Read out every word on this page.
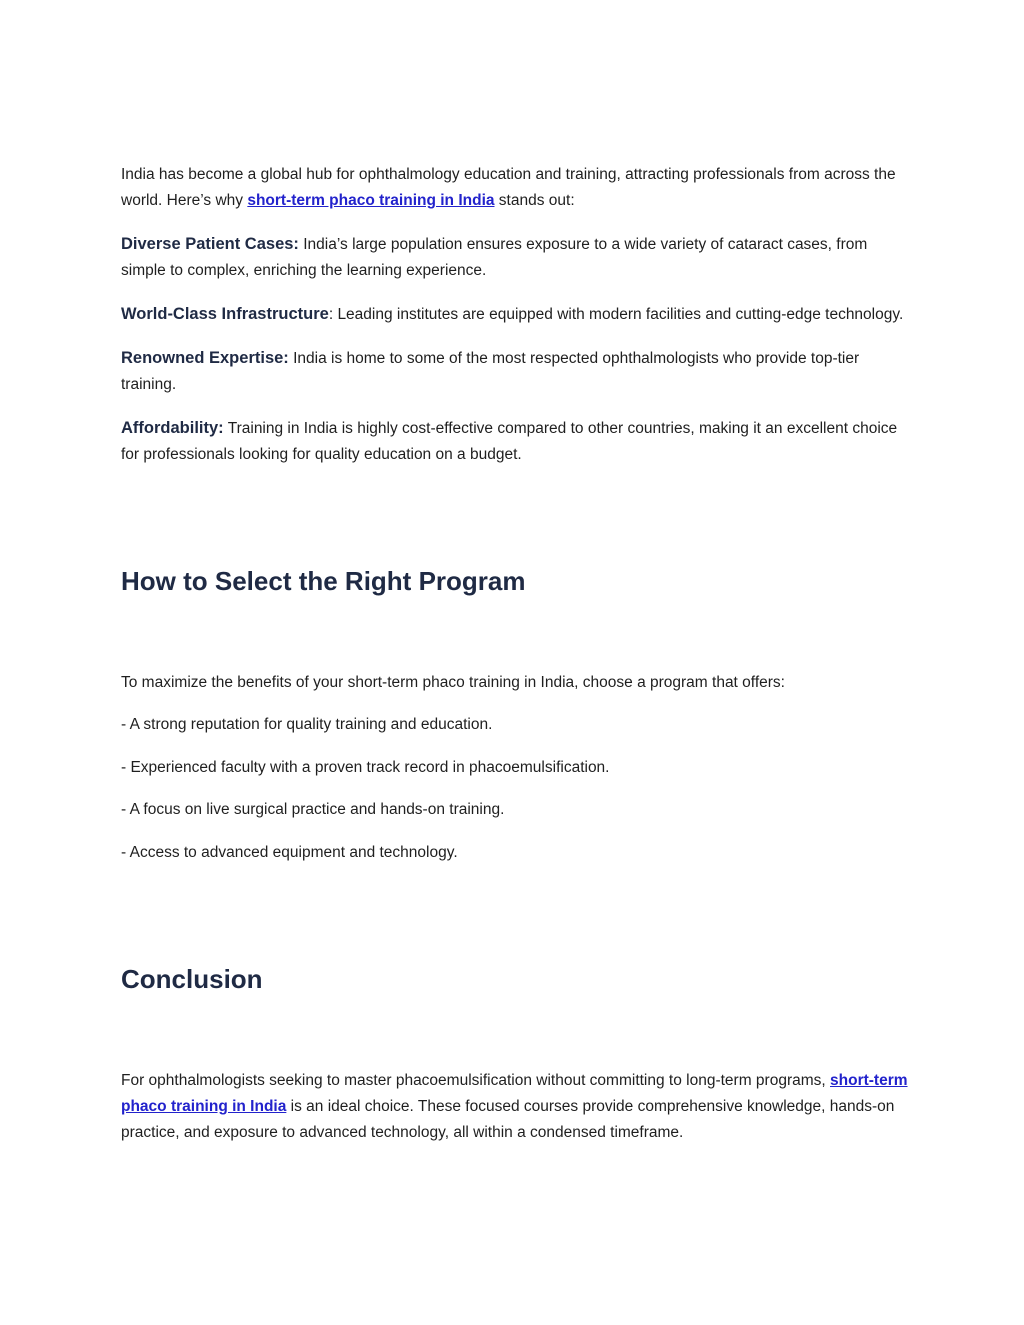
India has become a global hub for ophthalmology education and training, attracting professionals from across the world. Here’s why short-term phaco training in India stands out:

Diverse Patient Cases: India’s large population ensures exposure to a wide variety of cataract cases, from simple to complex, enriching the learning experience.

World-Class Infrastructure: Leading institutes are equipped with modern facilities and cutting-edge technology.

Renowned Expertise: India is home to some of the most respected ophthalmologists who provide top-tier training.

Affordability: Training in India is highly cost-effective compared to other countries, making it an excellent choice for professionals looking for quality education on a budget.

How to Select the Right Program

To maximize the benefits of your short-term phaco training in India, choose a program that offers:

- A strong reputation for quality training and education.

- Experienced faculty with a proven track record in phacoemulsification.

- A focus on live surgical practice and hands-on training.

- Access to advanced equipment and technology.

Conclusion

For ophthalmologists seeking to master phacoemulsification without committing to long-term programs, short-term phaco training in India is an ideal choice. These focused courses provide comprehensive knowledge, hands-on practice, and exposure to advanced technology, all within a condensed timeframe.
